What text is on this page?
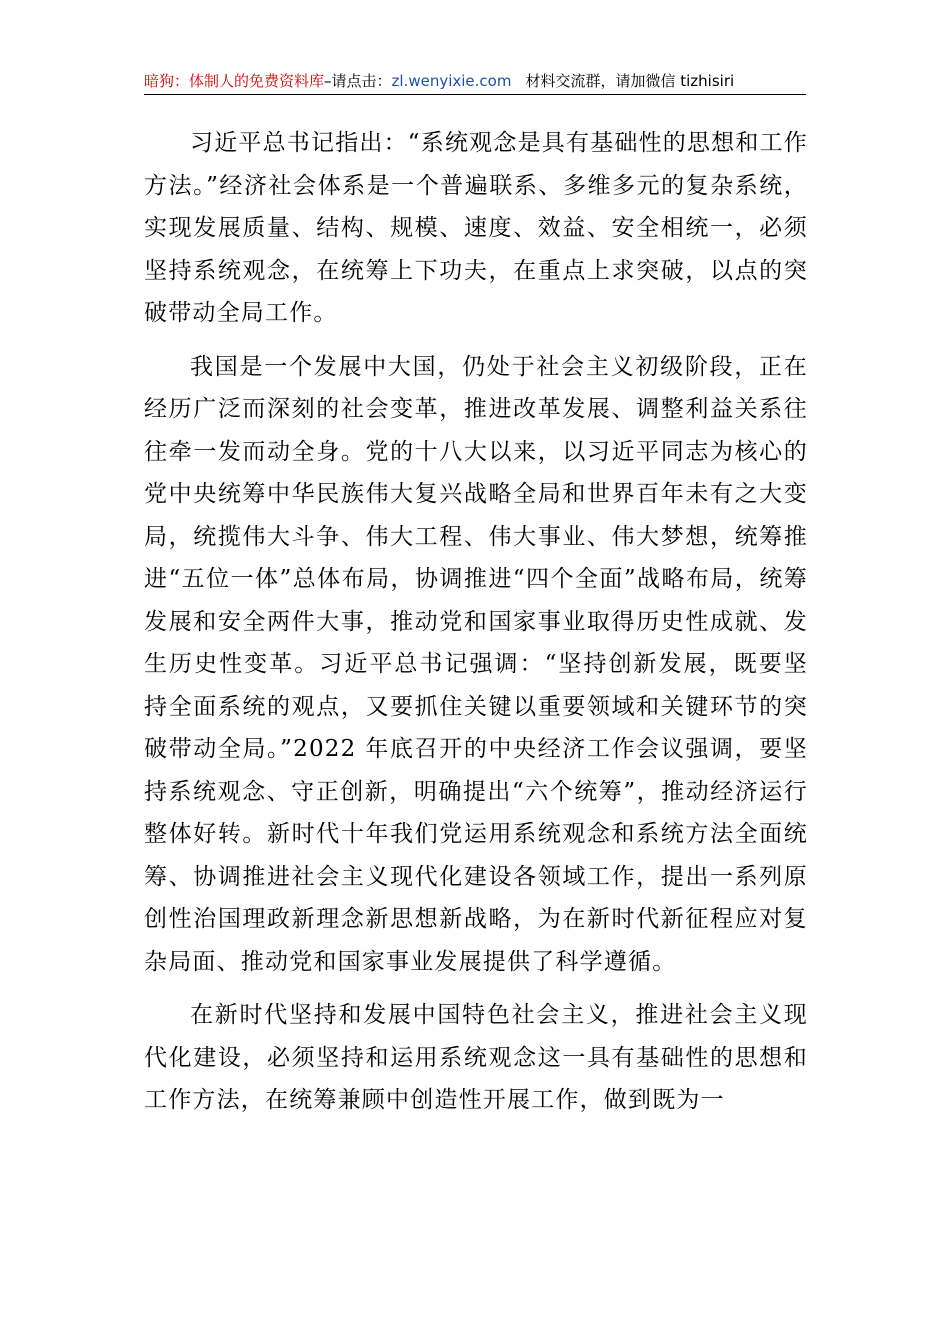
暗狗：体制人的免费资料库–请点击：zl.wenyixie.com 材料交流群，请加微信 tizhisiri

习近平总书记指出：“系统观念是具有基础性的思想和工作方法。”经济社会体系是一个普遍联系、多维多元的复杂系统，实现发展质量、结构、规模、速度、效益、安全相统一，必须坚持系统观念，在统筹上下功夫，在重点上求突破，以点的突破带动全局工作。

我国是一个发展中大国，仍处于社会主义初级阶段，正在经历广泛而深刻的社会变革，推进改革发展、调整利益关系往往牵一发而动全身。党的十八大以来，以习近平同志为核心的党中央统筹中华民族伟大复兴战略全局和世界百年未有之大变局，统揽伟大斗争、伟大工程、伟大事业、伟大梦想，统筹推进“五位一体”总体布局，协调推进“四个全面”战略布局，统筹发展和安全两件大事，推动党和国家事业取得历史性成就、发生历史性变革。习近平总书记强调：“坚持创新发展，既要坚持全面系统的观点，又要抓住关键以重要领域和关键环节的突破带动全局。”2022 年底召开的中央经济工作会议强调，要坚持系统观念、守正创新，明确提出“六个统筹”，推动经济运行整体好转。新时代十年我们党运用系统观念和系统方法全面统筹、协调推进社会主义现代化建设各领域工作，提出一系列原创性治国理政新理念新思想新战略，为在新时代新征程应对复杂局面、推动党和国家事业发展提供了科学遵循。

在新时代坚持和发展中国特色社会主义，推进社会主义现代化建设，必须坚持和运用系统观念这一具有基础性的思想和工作方法，在统筹兼顾中创造性开展工作，做到既为一
